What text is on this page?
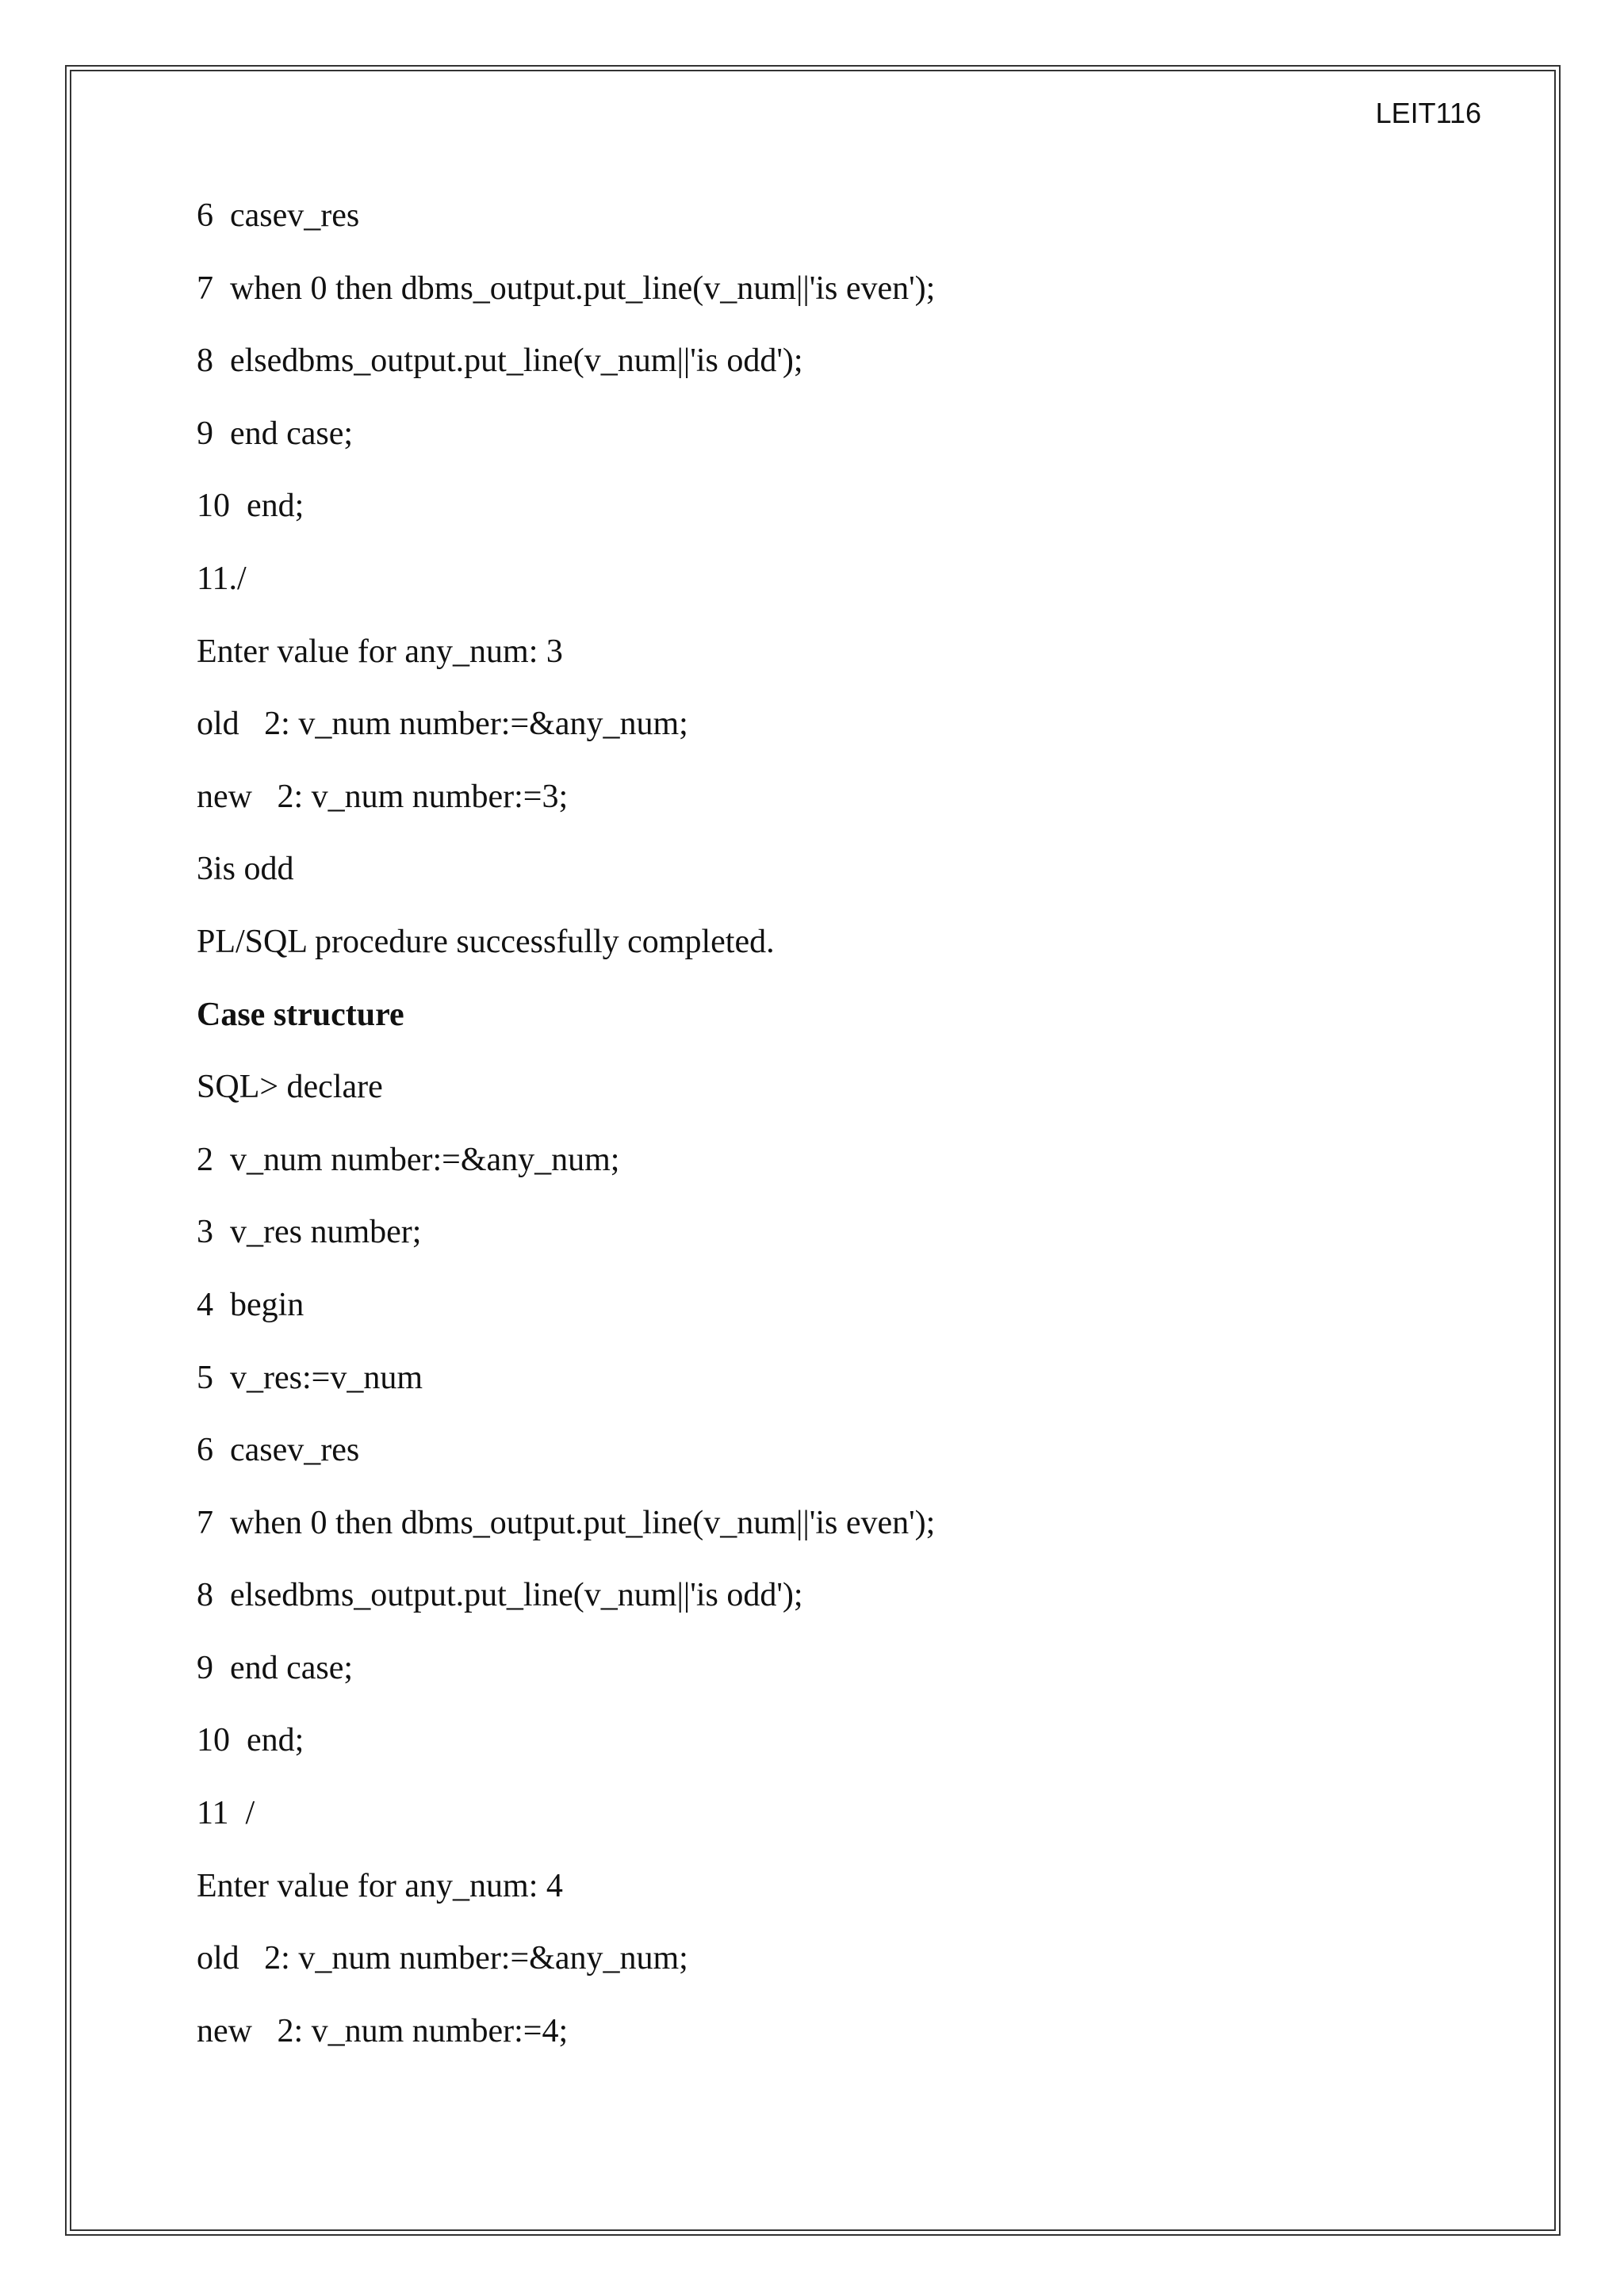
LEIT116
6  casev_res
7  when 0 then dbms_output.put_line(v_num||'is even');
8  elsedbms_output.put_line(v_num||'is odd');
9  end case;
10  end;
11./
Enter value for any_num: 3
old   2: v_num number:=&any_num;
new   2: v_num number:=3;
3is odd
PL/SQL procedure successfully completed.
Case structure
SQL> declare
2  v_num number:=&any_num;
3  v_res number;
4  begin
5  v_res:=v_num
6  casev_res
7  when 0 then dbms_output.put_line(v_num||'is even');
8  elsedbms_output.put_line(v_num||'is odd');
9  end case;
10  end;
11  /
Enter value for any_num: 4
old   2: v_num number:=&any_num;
new   2: v_num number:=4;
